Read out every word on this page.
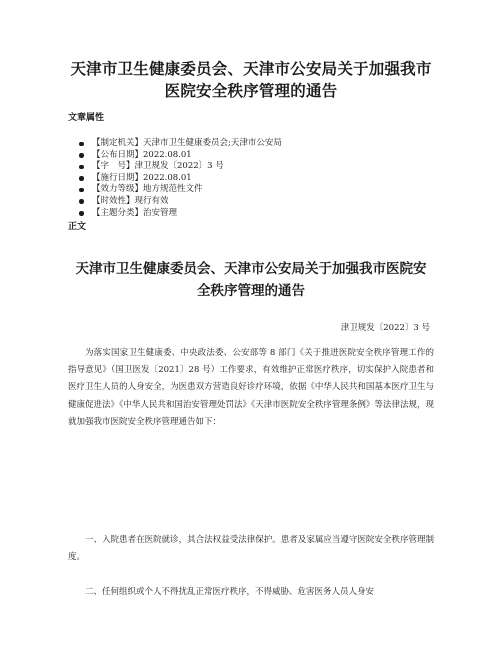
天津市卫生健康委员会、天津市公安局关于加强我市
医院安全秩序管理的通告
文章属性
【制定机关】天津市卫生健康委员会;天津市公安局
【公布日期】2022.08.01
【字　号】津卫规发〔2022〕3 号
【施行日期】2022.08.01
【效力等级】地方规范性文件
【时效性】现行有效
【主题分类】治安管理
正文
天津市卫生健康委员会、天津市公安局关于加强我市医院安
全秩序管理的通告

津卫规发〔2022〕3 号

为落实国家卫生健康委、中央政法委、公安部等 8 部门《关于推进医院安全秩序管理工作的指导意见》（国卫医发〔2021〕28 号）工作要求，有效维护正常医疗秩序，切实保护入院患者和医疗卫生人员的人身安全，为医患双方营造良好诊疗环境，依据《中华人民共和国基本医疗卫生与健康促进法》《中华人民共和国治安管理处罚法》《天津市医院安全秩序管理条例》等法律法规，现就加强我市医院安全秩序管理通告如下：

一、入院患者在医院就诊，其合法权益受法律保护。患者及家属应当遵守医院安全秩序管理制度。

二、任何组织或个人不得扰乱正常医疗秩序，不得威胁、危害医务人员人身安
